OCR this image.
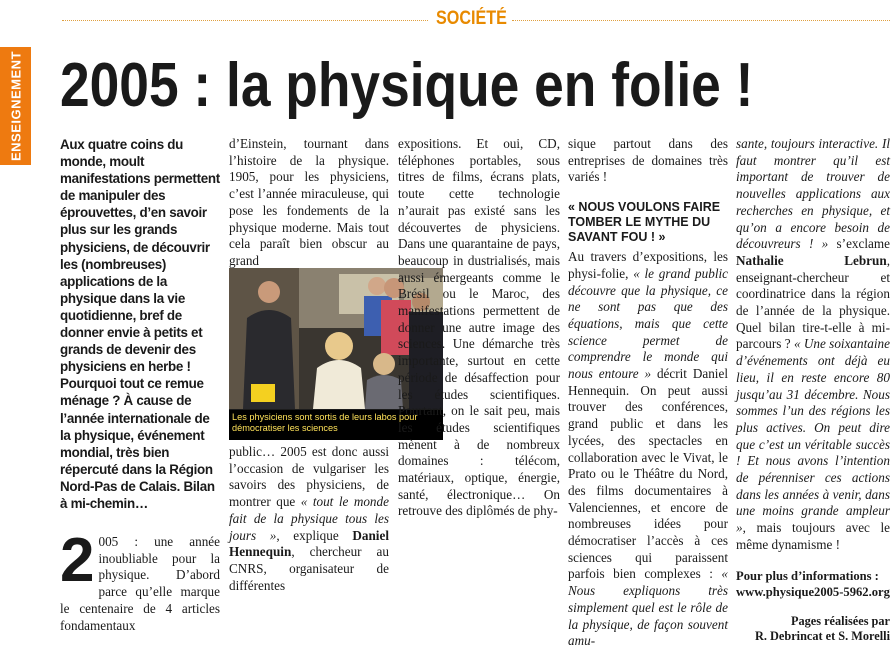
SOCIÉTÉ
ENSEIGNEMENT 2005 : la physique en folie !

Aux quatre coins du monde, moult manifestations permettent de manipuler des éprouvettes, d’en savoir plus sur les grands physiciens, de découvrir les (nombreuses) applications de la physique dans la vie quotidienne, bref de donner envie à petits et grands de devenir des physiciens en herbe ! Pourquoi tout ce remue ménage ? À cause de l’année internationale de la physique, événement mondial, très bien répercuté dans la Région Nord-Pas de Calais. Bilan à mi-chemin…

2 005 : une année inoubliable pour la physique. D’abord parce qu’elle marque le centenaire de 4 articles fondamentaux

d’Einstein, tournant dans l’histoire de la physique. 1905, pour les physiciens, c’est l’année miraculeuse, qui pose les fondements de la physique moderne. Mais tout cela paraît bien obscur au grand

Les physiciens sont sortis de leurs labos pour démocratiser les sciences

public… 2005 est donc aussi l’occasion de vulgariser les savoirs des physiciens, de montrer que « tout le monde fait de la physique tous les jours », explique Daniel Hennequin, chercheur au CNRS, organisateur de différentes

expositions. Et oui, CD, téléphones portables, sous titres de films, écrans plats, toute cette technologie n’aurait pas existé sans les découvertes de physiciens. Dans une quarantaine de pays, beaucoup in dustrialisés, mais aussi émergeants comme le Brésil ou le Maroc, des manifestations permettent de donner une autre image des sciences. Une démarche très importante, surtout en cette période de désaffection pour les études scientifiques. Pourtant, on le sait peu, mais les études scientifiques mènent à de nombreux domaines : télécom, matériaux, optique, énergie, santé, électronique… On retrouve des diplômés de phy-

sique partout dans des entreprises de domaines très variés !

« NOUS VOULONS FAIRE TOMBER LE MYTHE DU SAVANT FOU ! »

Au travers d’expositions, les physi-folie, « le grand public découvre que la physique, ce ne sont pas que des équations, mais que cette science permet de comprendre le monde qui nous entoure » décrit Daniel Hennequin. On peut aussi trouver des conférences, grand public et dans les lycées, des spectacles en collaboration avec le Vivat, le Prato ou le Théâtre du Nord, des films documentaires à Valenciennes, et encore de nombreuses idées pour démocratiser l’accès à ces sciences qui paraissent parfois bien complexes : « Nous expliquons très simplement quel est le rôle de la physique, de façon souvent amu-

sante, toujours interactive. Il faut montrer qu’il est important de trouver de nouvelles applications aux recherches en physique, et qu’on a encore besoin de découvreurs ! » s’exclame Nathalie Lebrun, enseignant-chercheur et coordinatrice dans la région de l’année de la physique. Quel bilan tire-t-elle à mi-parcours ? « Une soixantaine d’événements ont déjà eu lieu, il en reste encore 80 jusqu’au 31 décembre. Nous sommes l’un des régions les plus actives. On peut dire que c’est un véritable succès ! Et nous avons l’intention de pérenniser ces actions dans les années à venir, dans une moins grande ampleur », mais toujours avec le même dynamisme !

Pour plus d’informations :
www.physique2005-5962.org

Pages réalisées par
R. Debrincat et S. Morelli
